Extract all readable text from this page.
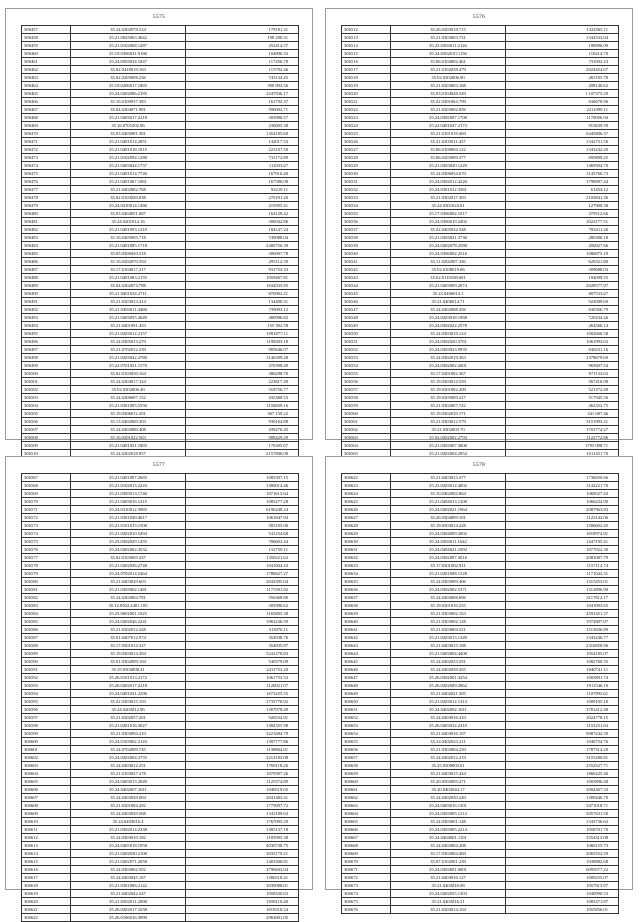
5575
306457	35.24.0202078.524	179181.31
306458	35.21.0043063.3642	198 290.31
306459	35.21.0102008.1287	252414.37
306460	35.19.0306031.9186	104896.33
306461	35.24.0503034.1847	117456.78
306462	35.02.0410019.163	115792.46
306463	35.02.0205008.236	743134.45
306464	35.19.0206017.1865	390 892.56
306465	35.24.0402086.2185	2247936.17
306466	35.16.0100037.383	161792.37
306467	35.04.0204071.981	596002.71
306468	35.21.0403017.2218	303980.57
306469	35.16.0701002.96	230695.38
306470	35.03.0405081.381	1454185.60
306471	35.21.0401014.2051	142017.53
306472	35.21.0401018.1815	223107.50
306473	35.21.0102094.1288	731172.89
306474	35.21.0403044.1737	111033.67
306475	35.21.0401014.7740	167916.40
306476	35.21.0401067.1061	167586.08
306477	35.21.0402082.768	92219.11
306478	35.02.0103020.838	270191.20
306479	35.24.0410014.1486	219395.41
306480	35.03.0404051.687	164128.42
306481	35.24.0201014.16	306942.86
306482	35.21.0401093.1210	184147.24
306483	35.16.0405005.718	749088.04
306484	35.21.0401085.1718	2400756.39
306485	35.05.0306020.518	306907.78
306486	35.16.0202070.594	295112.39
306487	35.17.0104017.217	931753.33
306488	35.21.0401083.2155	1059467.81
306489	35.04.0202074.788	1632035.85
306490	35.21.0401034.2711	876902.21
306491	35.21.0203013.414	134490.31
306492	35.21.0403011.4468	739093.12
306493	35.21.0403055.2649	480996.82
306494	35.21.0401091.453	155 392.58
306495	35.21.0203012.2157	1091877.11
306496	35.24.0305013.279	1198303.18
306497	35.21.0702012.239	905646.07
306498	35.21.0203042.2780	1146399.28
306499	35.22.0701021.1570	370398.49
306500	35.02.0103030.164	386298.70
306501	35.24.0204017.324	223817.49
306502	35.02.0302006.49	318756.77
306503	35.24.0206007.152	435388.53
306504	35.21.0301005.5556	1156839.16
306505	35.19.0306012.201	367 139.22
306506	35.13.0402069.303	930164.88
306507	35.24.0402080.408	439276.45
306508	35.16.0201022.563	908429.29
306509	35.21.0401021.1865	176305.67
306510	35.24.0202018.857	2157806.08

5576
306512	35.26.0203018.715	1322565.11
306513	35.21.0303003.731	1342533.04
306514	35.23.0303011.2126	198996.09
306515	35.24.0302010.1156	116214.70
306516	35.06.0104002.461	731692.23
306517	35.21.0102038.479	2024454.67
306518	35.02.0302006.90	265195.78
306519	35.21.0203003.168	208140.62
306520	35.03.0104048.549	1 107375.29
306521	35.22.0301064.799	636678.96
306522	35.21.0203002.856	2211099.11
306523	35.24.0305007.1708	1170056.94
306524	35.22.0401047.2173	915639.59
306525	35.21.0101019.469	6445806.37
306526	35.21.0203011.437	1342731.56
306527	35.06.0108004.122	1343242.20
306528	35.06.0203009.377	695809.25
306529	35.21.0303020.1229	1469504.70
306530	35.24.0306034.670	1143766.73
306531	35.24.0302012.4226	1798997.44
306532	35.24.0301012.3361	61454.12
306533	35.21.0302017.303	2103841.36
306534	35.24.0301024.61	127909.38
306535	35.17.0306002.1017	379512.66
306536	35.24.0306019.2402	1022177.51
306537	35.22.0405032.548	783411.26
306538	35.21.0303021.3736	280306.18
306539	35.24.0402078.2588	206927.66
306540	35.24.0306002.2516	1086875.19
306541	35.11.0202007.336	620321.80
306542	35.02.0108019.06	309688.03
306543	35.02.0110108.601	194099.55
306544	35.21.0403009.2074	2028577.97
306545	35.23.0406014.1	807533.67
306546	35.21.0406014.71	922089.60
306547	35.24.0402068.456	630356.79
306548	35.24.0203018.1968	720234.26
306549	35.24.0302022.2578	264566.14
306550	35.24.0303019.124	1002666.58
306551	35.24.0302020.3761	1061993.63
306552	35.24.0303023.9935	630231.16
306553	35.24.0302019.363	1378679.60
306554	35.24.0302002.2601	965607.54
306555	35.17.0201002.367	971133.63
306556	35.19.0303014.559	567410.08
306557	35.19.0201002.209	521372.49
306558	35.19.0205009.227	517945.56
306559	35.21.0302007.742	462352.75
306560	35.19.0302010.171	341 687.46
306561	35.21.0303012.579	3151993.21
306562	35.21.0302003.70	1701774.27
306563	35.02.0202002.2793	1122772.86
306564	35.21.0303007.3600	1793 098.71
306565	35.21.0202004.2952	1011451.70

5577
306567	35.21.0401007.2665	1085397.15
306568	35.21.0102015.2243	1490014.46
306569	35.21.0305013.1746	1071613.64
306570	35.21.0403016.1415	1085277.28
306571	35.24.0310012.3965	6196248.24
306572	35.21.0301049.4617	1061847.94
306573	35.21.0101015.1508	583195.06
306574	35.21.0202010.5494	541254.68
306575	35.25.0302029.1455	786602.44
306576	35.24.0402062.4532	152759.11
306577	35.02.0103005.437	1350221.62
306578	35.21.0402036.2748	1041604.43
306579	35.24.0702014.5464	1780627.27
306580	35.21.0403029.603	2042595.04
306581	35.21.0303002.1481	1175391.82
306582	35.24.0202004.781	556368.80
306583	35.12.0502.2401.105	305990.62
306584	35.25.0602001.1025	1165805.38
306585	35.24.0402046.2241	1963236.59
306586	35.21.0202012.228	313976.11
306587	35.01.0407012.974	354938.76
306588	35.17.0501014.327	354835.87
306589	35.19.0303014.284	5241278.83
306590	35.01.0302009.104	540579.09
306591	35.19.0503008.41	2411753.20
306592	35.26.0101013.2172	1061753.53
306593	35.20.0402017.2218	1120021.07
306594	35.24.0401031.2296	1673255.55
306595	35.22.0303015.103	2735778.92
306596	35.24.0202012.96	1307078.49
306597	35.21.0202057.201	926534.91
306598	35.21.0201016.3027	1492355.98
306599	35.21.0303094.210	3221684.79
306600	35.24.0103002.2143	1397777.86
306601	35.24.0702009.745	1138864.01
306602	35.24.0202004.3755	2214183.08
306603	35.24.0403012.251	1769118.26
306604	35.21.0103027.278	1079397.26
306605	35.24.0403013.2049	1125574.89
306606	35.24.0402007.1611	1040519.65
306607	35.24.0403039.004	2041483.41
306608	35.21.0201004.292	1775097.72
306609	35.24.0403039.568	1341189.63
306610	35.24.0403016.4	1767095.29
306611	35.21.0302014.2338	1495137.18
306612	35.24.0303010.182	1185995.38
306613	35.24.0405018.1958	4030738.75
306614	35.21.0402030.2108	3035179.21
306615	35.21.0402071.2058	1403506.81
306616	35.24.0303062.502	2796843.04
306617	35.24.0403045.167	1306518.41
306618	35.21.0301006.2142	3039088.01
306619	35.21.0402042.247	1058330.63
306620	35.21.0302011.2008	1058110.40
306621	35.26.0202017.1038	1019310.24
306622	35.26.0106016.3999	2963001.05
5578
306622	35.21.0403013.477	1736650.66
306623	35.23.0203012.4002	1142221.70
306624	35.10.0402002.864	1069527.43
306625	35.21.0404013.1308	1066234.90
306626	35.24.0402021.1964	2087963.83
306627	35.26.0304009.101	1123142.06
306628	35.19.0503014.228	1586602.45
306629	35.24.0304009.2002	1018974.91
306630	35.24.0303011.1642	1447195.41
306631	35.24.0404021.1092	1077022.30
306632	35.24.0302087.3016	2083087.79
306633	35.17.0301002.911	1157112.74
306634	35.21.0201008.1528	1171042.31
306635	35.24.0303009.406	1315453.01
306636	35.24.0302002.5371	1312896.90
306637	35.24.0404008.696	3117812.17
306638	35.19.0201010.255	1041893.65
306639	35.21.0303002.163	4591451.37
306640	35.21.0303002.128	1972807.07
306641	35.21.0203004.521	1513636.89
306642	35.21.0203013.1349	1343246.77
306643	35.21.0403015.108	2316858.96
306644	35.21.0403004.4408	1054185.07
306645	35.24.0402033.591	1082760.35
306646	35.24.0402039.455	1040741.11
306647	35.26.0302001.3254	1003891.74
306648	35.26.0202009.2862	1911546.10
306649	35.21.0402021.305	1107893.61
306650	35.21.0203012.1313	1009105.10
306651	35.24.0402002.1611	3781412.48
306652	35.24.0403016.410	1024778.15
306653	35.26.0403032.2410	1153251.63
306654	35.21.0403016.107	9987242.39
306655	35.24.0402023.211	1040754.76
306656	35.21.0302004.250	1787314.20
306657	35.24.0402012.219	3155280.81
306658	35.25.0509003.01	2552527.71
306659	35.21.0403015.444	1860225.46
306660	35.20.0502005.271	1003896.48
306661	35.20.0402044.17	2004367.33
306662	35.24.0402030.240	1309446.70
306663	35.24.0403016.1301	3471018.71
306664	35.24.0303005.1212	3057631.50
306665	35.24.0303001.148	1343736.63
306666	35.24.0303005.2214	1058701.70
306667	35.24.0404001.1101	3554313.08
306668	35.24.0402004.208	1060155.73
306669	35.17.0302004.469	2065552.59
306670	35.07.0102001.239	1038882.68
306671	35.24.0303001.0001	6093577.22
306672	35.21.0403016.127	1009255.07
306673	35.21.0402016.08	1057913.97
306674	35.24.0402055.1303	1040990.53
306675	35.21.0402016.21	1083371.87
306676	35.21.0203014.104	1055856.01
